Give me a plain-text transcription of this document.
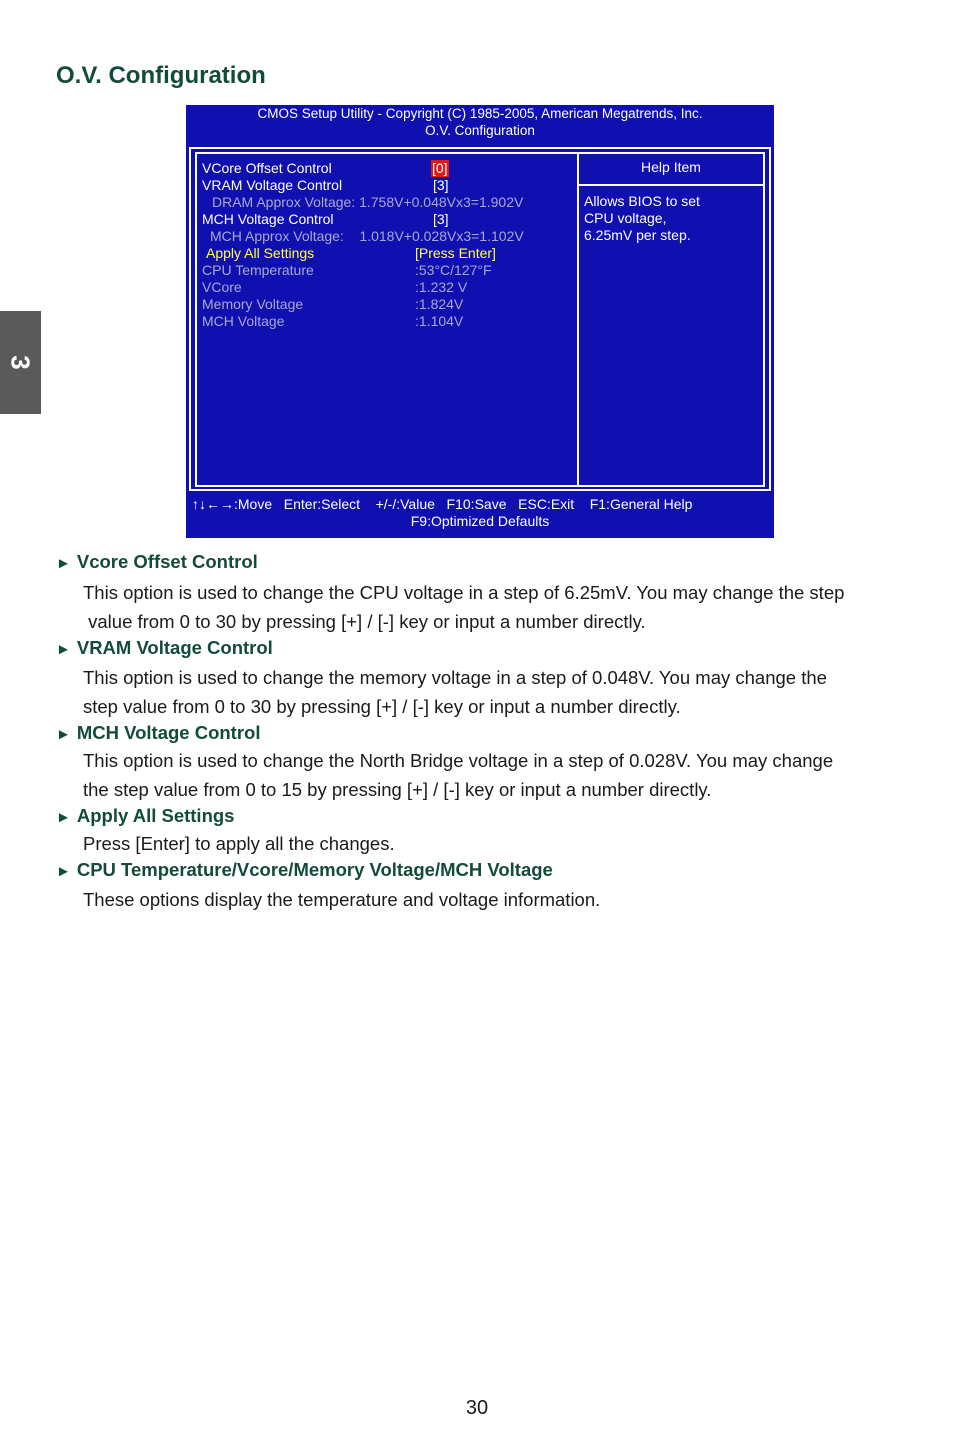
3
O.V. Configuration
CMOS Setup Utility - Copyright (C) 1985-2005, American Megatrends, Inc.
O.V. Configuration
VCore Offset Control	[0]
VRAM Voltage Control	[3]
DRAM Approx Voltage: 1.758V+0.048Vx3=1.902V
MCH Voltage Control	[3]
MCH Approx Voltage:    1.018V+0.028Vx3=1.102V
Apply All Settings	[Press Enter]
CPU Temperature	:53°C/127°F
VCore	:1.232 V
Memory Voltage	:1.824V
MCH Voltage	:1.104V
Help Item
Allows BIOS to set
CPU voltage,
6.25mV per step.
↑↓←→:Move   Enter:Select    +/-/:Value   F10:Save   ESC:Exit    F1:General Help
F9:Optimized Defaults
► Vcore Offset Control

This option is used to change the CPU voltage in a step of 6.25mV. You may change the step

value from 0 to 30 by pressing [+] / [-] key or input a number directly.

► VRAM Voltage Control

This option is used to change the memory voltage in a step of 0.048V. You may change the

step value from 0 to 30 by pressing [+] / [-] key or input a number directly.

► MCH Voltage Control

This option is used to change the North Bridge voltage in a step of 0.028V. You may change

the step value from 0 to 15 by pressing [+] / [-] key or input a number directly.

► Apply All Settings

Press [Enter] to apply all the changes.

► CPU Temperature/Vcore/Memory Voltage/MCH Voltage

These options display the temperature and voltage information.

30
